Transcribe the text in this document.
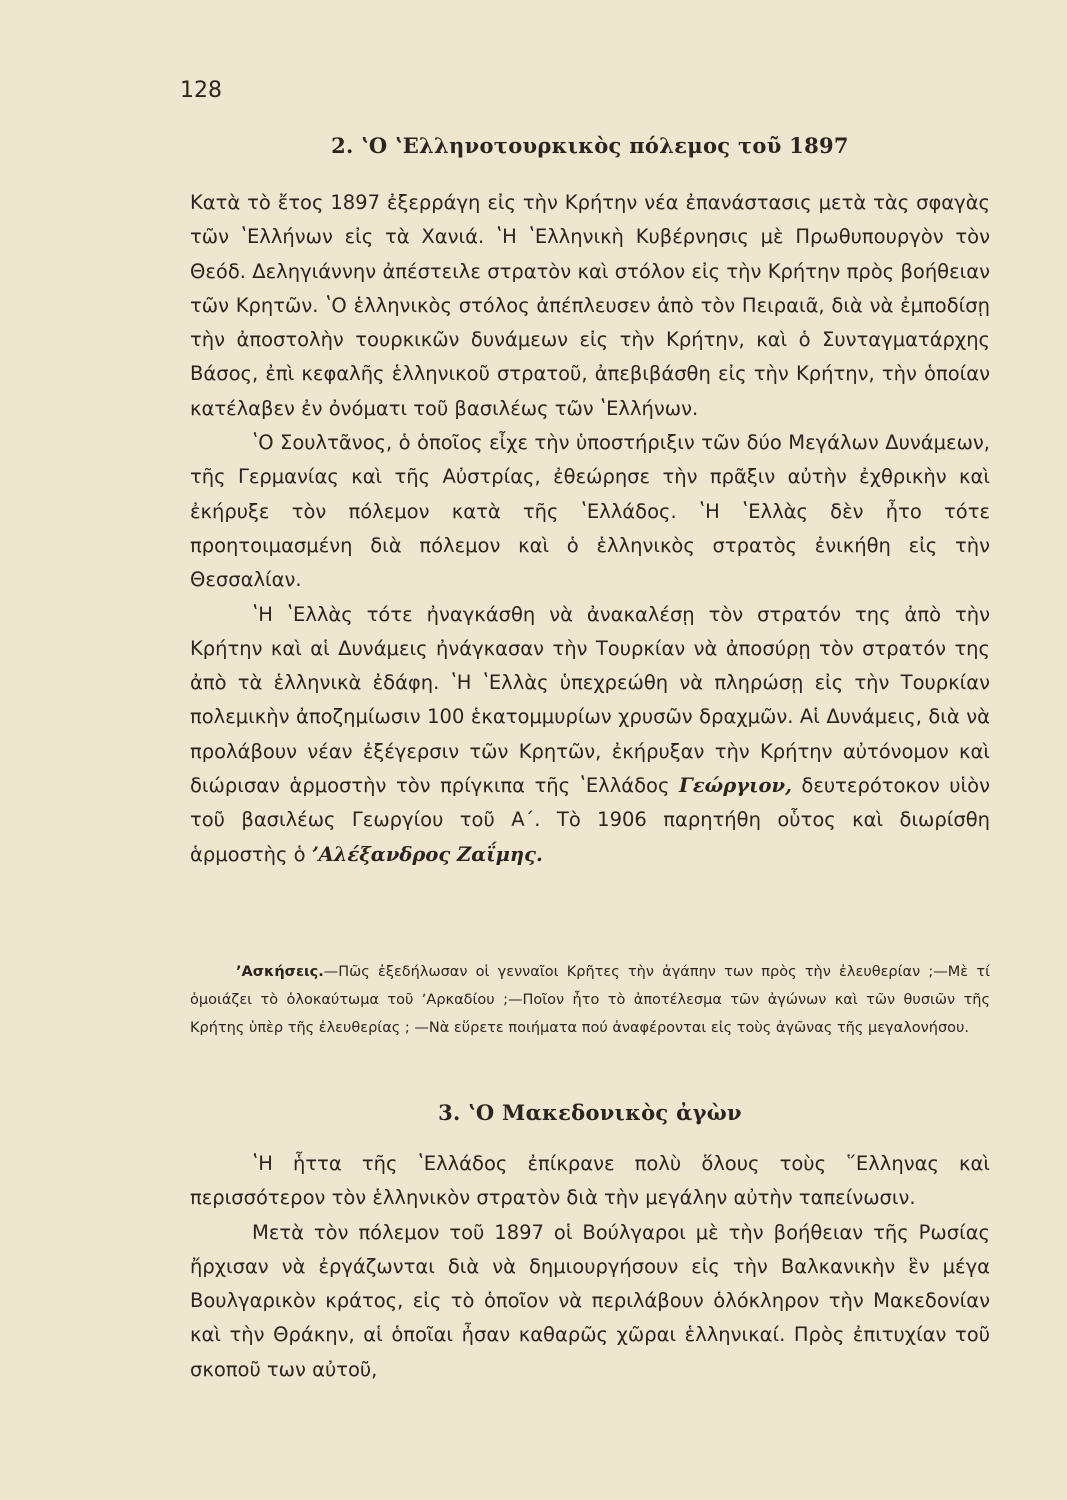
128
2. ʽΟ ʽΕλληνοτουρκικὸς πόλεμος τοῦ 1897

Κατὰ τὸ ἔτος 1897 ἐξερράγη εἰς τὴν Κρήτην νέα ἐπανάστασις μετὰ τὰς σφαγὰς τῶν ʽΕλλήνων εἰς τὰ Χανιά. ʽΗ ʽΕλληνικὴ Κυβέρνησις μὲ Πρωθυπουργὸν τὸν Θεόδ. Δεληγιάννην ἀπέστειλε στρατὸν καὶ στόλον εἰς τὴν Κρήτην πρὸς βοήθειαν τῶν Κρητῶν. ʽΟ ἑλληνικὸς στόλος ἀπέπλευσεν ἀπὸ τὸν Πειραιᾶ, διὰ νὰ ἐμποδίσῃ τὴν ἀποστολὴν τουρκικῶν δυνάμεων εἰς τὴν Κρήτην, καὶ ὁ Συνταγματάρχης Βάσος, ἐπὶ κεφαλῆς ἑλληνικοῦ στρατοῦ, ἀπεβιβάσθη εἰς τὴν Κρήτην, τὴν ὁποίαν κατέλαβεν ἐν ὀνόματι τοῦ βασιλέως τῶν ʽΕλλήνων.

ʽΟ Σουλτᾶνος, ὁ ὁποῖος εἶχε τὴν ὑποστήριξιν τῶν δύο Μεγάλων Δυνάμεων, τῆς Γερμανίας καὶ τῆς Αὐστρίας, ἐθεώρησε τὴν πρᾶξιν αὐτὴν ἐχθρικὴν καὶ ἐκήρυξε τὸν πόλεμον κατὰ τῆς ʽΕλλάδος. ʽΗ ʽΕλλὰς δὲν ἦτο τότε προητοιμασμένη διὰ πόλεμον καὶ ὁ ἑλληνικὸς στρατὸς ἐνικήθη εἰς τὴν Θεσσαλίαν.

ʽΗ ʽΕλλὰς τότε ἠναγκάσθη νὰ ἀνακαλέσῃ τὸν στρατόν της ἀπὸ τὴν Κρήτην καὶ αἱ Δυνάμεις ἠνάγκασαν τὴν Τουρκίαν νὰ ἀποσύρῃ τὸν στρατόν της ἀπὸ τὰ ἑλληνικὰ ἐδάφη. ʽΗ ʽΕλλὰς ὑπεχρεώθη νὰ πληρώσῃ εἰς τὴν Τουρκίαν πολεμικὴν ἀποζημίωσιν 100 ἑκατομμυρίων χρυσῶν δραχμῶν. Αἱ Δυνάμεις, διὰ νὰ προλάβουν νέαν ἐξέγερσιν τῶν Κρητῶν, ἐκήρυξαν τὴν Κρήτην αὐτόνομον καὶ διώρισαν ἁρμοστὴν τὸν πρίγκιπα τῆς ʽΕλλάδος Γεώργιον, δευτερότοκον υἱὸν τοῦ βασιλέως Γεωργίου τοῦ Α΄. Τὸ 1906 παρητήθη οὗτος καὶ διωρίσθη ἁρμοστὴς ὁ ʼΑλέξανδρος Ζαΐμης.

ʼΑσκήσεις.—Πῶς ἐξεδήλωσαν οἱ γενναῖοι Κρῆτες τὴν ἀγάπην των πρὸς τὴν ἐλευθερίαν ;—Μὲ τί ὁμοιάζει τὸ ὁλοκαύτωμα τοῦ ʼΑρκαδίου ;—Ποῖον ἦτο τὸ ἀποτέλεσμα τῶν ἀγώνων καὶ τῶν θυσιῶν τῆς Κρήτης ὑπὲρ τῆς ἐλευθερίας ; —Νὰ εὕρετε ποιήματα πού ἀναφέρονται εἰς τοὺς ἀγῶνας τῆς μεγαλονήσου.

3. ʽΟ Μακεδονικὸς ἀγὼν

ʽΗ ἧττα τῆς ʽΕλλάδος ἐπίκρανε πολὺ ὅλους τοὺς ῞Ελληνας καὶ περισσότερον τὸν ἑλληνικὸν στρατὸν διὰ τὴν μεγάλην αὐτὴν ταπείνωσιν.

Μετὰ τὸν πόλεμον τοῦ 1897 οἱ Βούλγαροι μὲ τὴν βοήθειαν τῆς Ρωσίας ἤρχισαν νὰ ἐργάζωνται διὰ νὰ δημιουργήσουν εἰς τὴν Βαλκανικὴν ἓν μέγα Βουλγαρικὸν κράτος, εἰς τὸ ὁποῖον νὰ περιλάβουν ὁλόκληρον τὴν Μακεδονίαν καὶ τὴν Θράκην, αἱ ὁποῖαι ἦσαν καθαρῶς χῶραι ἑλληνικαί. Πρὸς ἐπιτυχίαν τοῦ σκοποῦ των αὐτοῦ,
